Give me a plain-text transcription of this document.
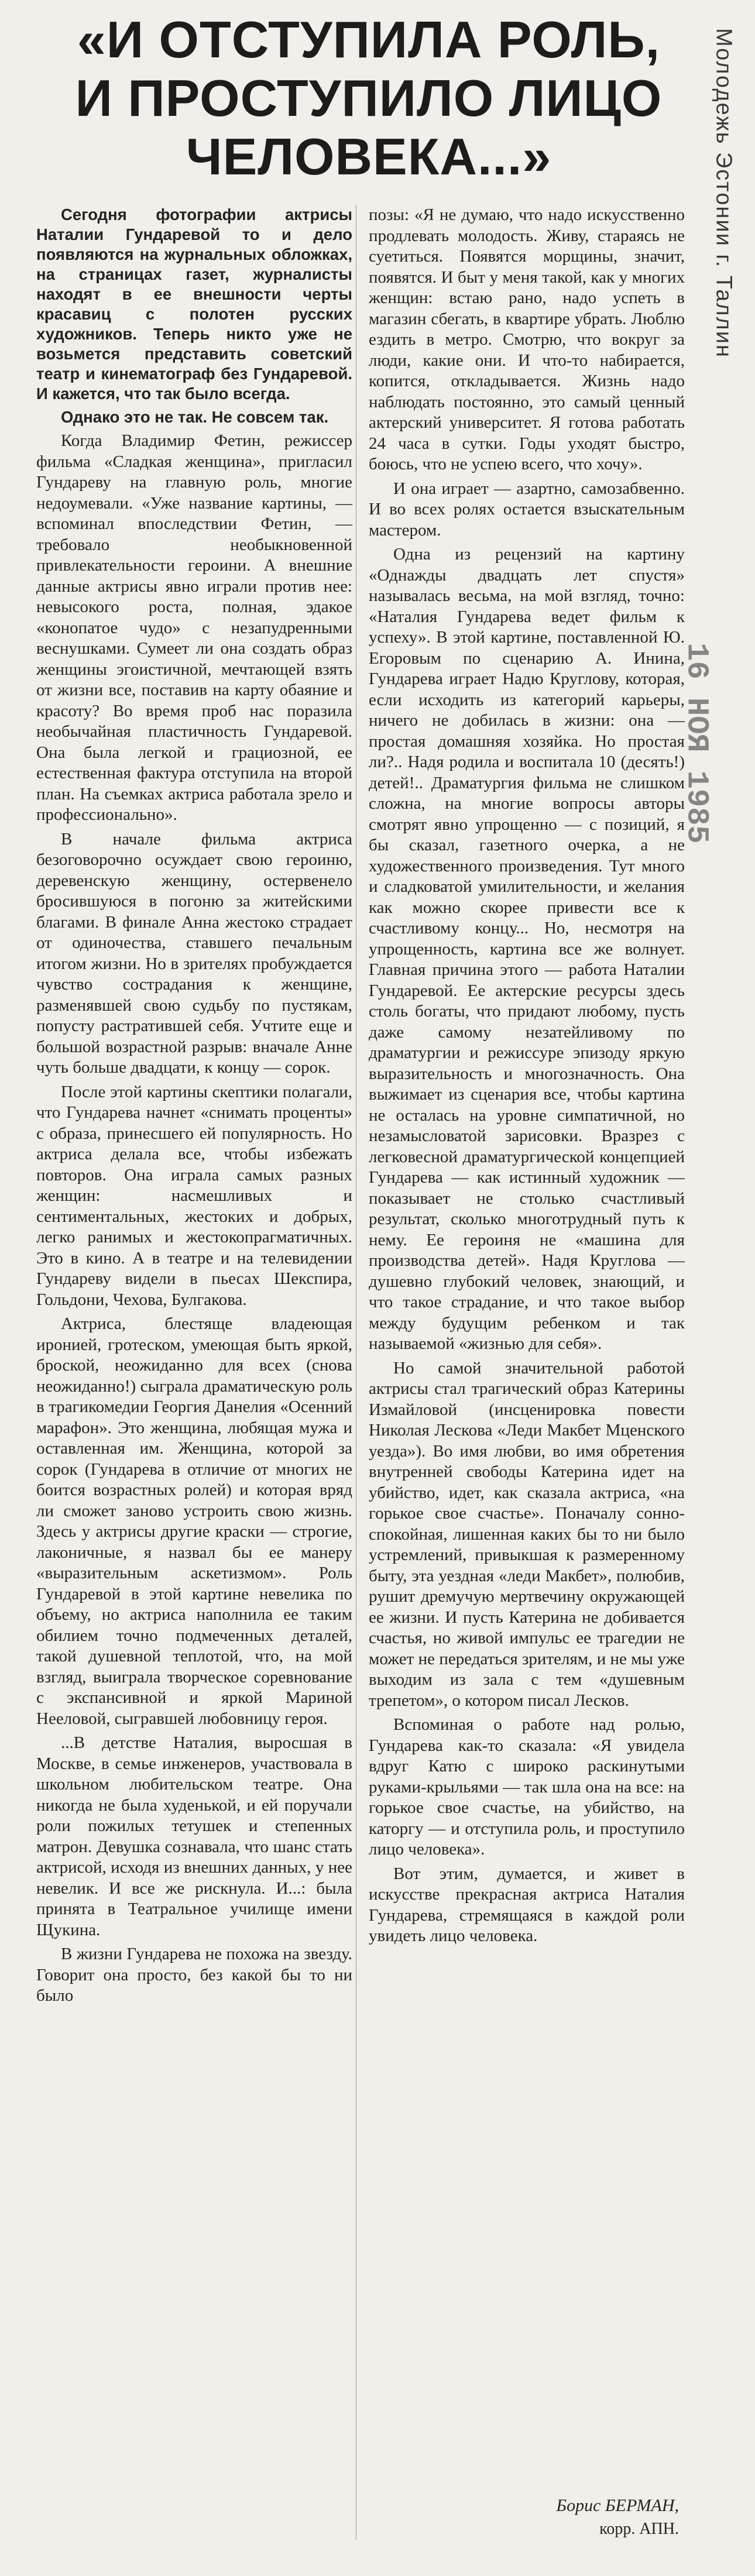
«И ОТСТУПИЛА РОЛЬ,
И ПРОСТУПИЛО ЛИЦО
ЧЕЛОВЕКА...»	Молодежь Эстонии г. Таллин
16 НОЯ 1985

Сегодня фотографии актрисы Наталии Гундаревой то и дело появляются на журнальных обложках, на страницах газет, журналисты находят в ее внешности черты красавиц с полотен русских художников. Теперь никто уже не возьмется представить советский театр и кинематограф без Гундаревой. И кажется, что так было всегда.

Однако это не так. Не совсем так.

Когда Владимир Фетин, режиссер фильма «Сладкая женщина», пригласил Гундареву на главную роль, многие недоумевали. «Уже название картины, — вспоминал впоследствии Фетин, — требовало необыкновенной привлекательности героини. А внешние данные актрисы явно играли против нее: невысокого роста, полная, эдакое «конопатое чудо» с незапудренными веснушками. Сумеет ли она создать образ женщины эгоистичной, мечтающей взять от жизни все, поставив на карту обаяние и красоту? Во время проб нас поразила необычайная пластичность Гундаревой. Она была легкой и грациозной, ее естественная фактура отступила на второй план. На съемках актриса работала зрело и профессионально».

В начале фильма актриса безоговорочно осуждает свою героиню, деревенскую женщину, остервенело бросившуюся в погоню за житейскими благами. В финале Анна жестоко страдает от одиночества, ставшего печальным итогом жизни. Но в зрителях пробуждается чувство сострадания к женщине, разменявшей свою судьбу по пустякам, попусту растратившей себя. Учтите еще и большой возрастной разрыв: вначале Анне чуть больше двадцати, к концу — сорок.

После этой картины скептики полагали, что Гундарева начнет «снимать проценты» с образа, принесшего ей популярность. Но актриса делала все, чтобы избежать повторов. Она играла самых разных женщин: насмешливых и сентиментальных, жестоких и добрых, легко ранимых и жестокопрагматичных. Это в кино. А в театре и на телевидении Гундареву видели в пьесах Шекспира, Гольдони, Чехова, Булгакова.

Актриса, блестяще владеющая иронией, гротеском, умеющая быть яркой, броской, неожиданно для всех (снова неожиданно!) сыграла драматическую роль в трагикомедии Георгия Данелия «Осенний марафон». Это женщина, любящая мужа и оставленная им. Женщина, которой за сорок (Гундарева в отличие от многих не боится возрастных ролей) и которая вряд ли сможет заново устроить свою жизнь. Здесь у актрисы другие краски — строгие, лаконичные, я назвал бы ее манеру «выразительным аскетизмом». Роль Гундаревой в этой картине невелика по объему, но актриса наполнила ее таким обилием точно подмеченных деталей, такой душевной теплотой, что, на мой взгляд, выиграла творческое соревнование с экспансивной и яркой Мариной Нееловой, сыгравшей любовницу героя.

...В детстве Наталия, выросшая в Москве, в семье инженеров, участвовала в школьном любительском театре. Она никогда не была худенькой, и ей поручали роли пожилых тетушек и степенных матрон. Девушка сознавала, что шанс стать актрисой, исходя из внешних данных, у нее невелик. И все же рискнула. И...: была принята в Театральное училище имени Щукина.

В жизни Гундарева не похожа на звезду. Говорит она просто, без какой бы то ни было

позы: «Я не думаю, что надо искусственно продлевать молодость. Живу, стараясь не суетиться. Появятся морщины, значит, появятся. И быт у меня такой, как у многих женщин: встаю рано, надо успеть в магазин сбегать, в квартире убрать. Люблю ездить в метро. Смотрю, что вокруг за люди, какие они. И что-то набирается, копится, откладывается. Жизнь надо наблюдать постоянно, это самый ценный актерский университет. Я готова работать 24 часа в сутки. Годы уходят быстро, боюсь, что не успею всего, что хочу».

И она играет — азартно, самозабвенно. И во всех ролях остается взыскательным мастером.

Одна из рецензий на картину «Однажды двадцать лет спустя» называлась весьма, на мой взгляд, точно: «Наталия Гундарева ведет фильм к успеху». В этой картине, поставленной Ю. Егоровым по сценарию А. Инина, Гундарева играет Надю Круглову, которая, если исходить из категорий карьеры, ничего не добилась в жизни: она — простая домашняя хозяйка. Но простая ли?.. Надя родила и воспитала 10 (десять!) детей!.. Драматургия фильма не слишком сложна, на многие вопросы авторы смотрят явно упрощенно — с позиций, я бы сказал, газетного очерка, а не художественного произведения. Тут много и сладковатой умилительности, и желания как можно скорее привести все к счастливому концу... Но, несмотря на упрощенность, картина все же волнует. Главная причина этого — работа Наталии Гундаревой. Ее актерские ресурсы здесь столь богаты, что придают любому, пусть даже самому незатейливому по драматургии и режиссуре эпизоду яркую выразительность и многозначность. Она выжимает из сценария все, чтобы картина не осталась на уровне симпатичной, но незамысловатой зарисовки. Вразрез с легковесной драматургической концепцией Гундарева — как истинный художник — показывает не столько счастливый результат, сколько многотрудный путь к нему. Ее героиня не «машина для производства детей». Надя Круглова — душевно глубокий человек, знающий, и что такое страдание, и что такое выбор между будущим ребенком и так называемой «жизнью для себя».

Но самой значительной работой актрисы стал трагический образ Катерины Измайловой (инсценировка повести Николая Лескова «Леди Макбет Мценского уезда»). Во имя любви, во имя обретения внутренней свободы Катерина идет на убийство, идет, как сказала актриса, «на горькое свое счастье». Поначалу сонно-спокойная, лишенная каких бы то ни было устремлений, привыкшая к размеренному быту, эта уездная «леди Макбет», полюбив, рушит дремучую мертвечину окружающей ее жизни. И пусть Катерина не добивается счастья, но живой импульс ее трагедии не может не передаться зрителям, и не мы уже выходим из зала с тем «душевным трепетом», о котором писал Лесков.

Вспоминая о работе над ролью, Гундарева как-то сказала: «Я увидела вдруг Катю с широко раскинутыми руками-крыльями — так шла она на все: на горькое свое счастье, на убийство, на каторгу — и отступила роль, и проступило лицо человека».

Вот этим, думается, и живет в искусстве прекрасная актриса Наталия Гундарева, стремящаяся в каждой роли увидеть лицо человека.

Борис БЕРМАН,
корр. АПН.
